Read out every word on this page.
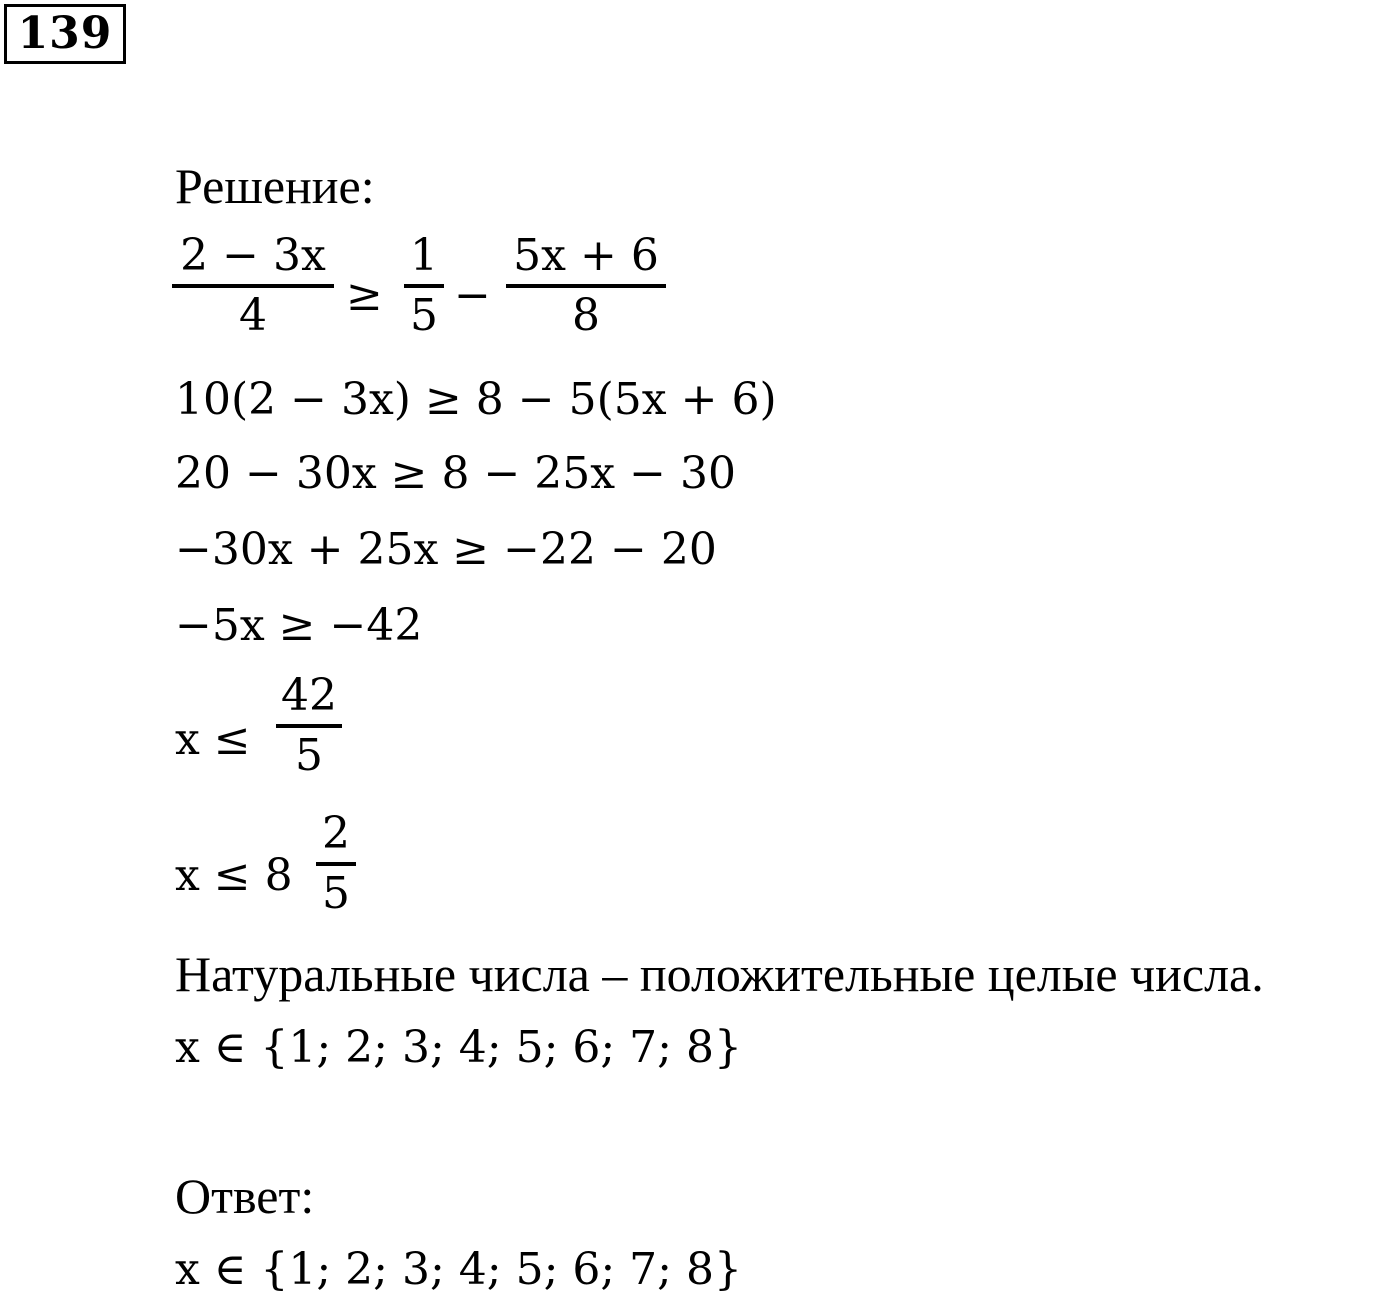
139
Решение:
$\frac{2 - 3x}{4} \ge \frac{1}{5} - \frac{5x + 6}{8}$
10(2 − 3x) ≥ 8 − 5(5x + 6)
20 − 30x ≥ 8 − 25x − 30
−30x + 25x ≥ −22 − 20
−5x ≥ −42
$x \le \frac{42}{5}$
$x \le 8 \frac{2}{5}$
Натуральные числа – положительные целые числа.
x ∈ {1; 2; 3; 4; 5; 6; 7; 8}
Ответ:
x ∈ {1; 2; 3; 4; 5; 6; 7; 8}
